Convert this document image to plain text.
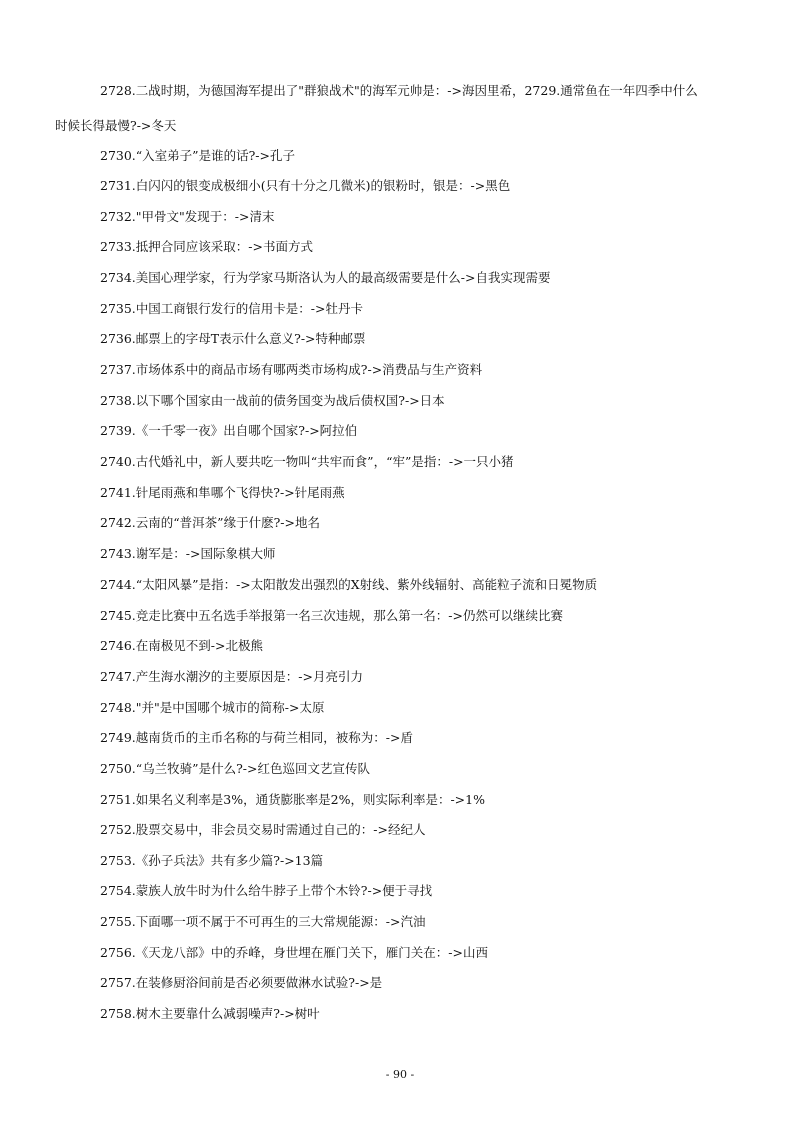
2728.二战时期，为德国海军提出了"群狼战术"的海军元帅是：->海因里希，2729.通常鱼在一年四季中什么
时候长得最慢?->冬天
2730.“入室弟子”是谁的话?->孔子
2731.白闪闪的银变成极细小(只有十分之几微米)的银粉时，银是：->黑色
2732."甲骨文"发现于：->清末
2733.抵押合同应该采取：->书面方式
2734.美国心理学家，行为学家马斯洛认为人的最高级需要是什么->自我实现需要
2735.中国工商银行发行的信用卡是：->牡丹卡
2736.邮票上的字母T表示什么意义?->特种邮票
2737.市场体系中的商品市场有哪两类市场构成?->消费品与生产资料
2738.以下哪个国家由一战前的债务国变为战后债权国?->日本
2739.《一千零一夜》出自哪个国家?->阿拉伯
2740.古代婚礼中，新人要共吃一物叫“共牢而食”，“牢”是指：->一只小猪
2741.针尾雨燕和隼哪个飞得快?->针尾雨燕
2742.云南的“普洱茶”缘于什麽?->地名
2743.谢军是：->国际象棋大师
2744.“太阳风暴”是指：->太阳散发出强烈的X射线、紫外线辐射、高能粒子流和日冕物质
2745.竞走比赛中五名选手举报第一名三次违规，那么第一名：->仍然可以继续比赛
2746.在南极见不到->北极熊
2747.产生海水潮汐的主要原因是：->月亮引力
2748."并"是中国哪个城市的简称->太原
2749.越南货币的主币名称的与荷兰相同，被称为：->盾
2750.“乌兰牧骑”是什么?->红色巡回文艺宣传队
2751.如果名义利率是3%，通货膨胀率是2%，则实际利率是：->1%
2752.股票交易中，非会员交易时需通过自己的：->经纪人
2753.《孙子兵法》共有多少篇?->13篇
2754.蒙族人放牛时为什么给牛脖子上带个木铃?->便于寻找
2755.下面哪一项不属于不可再生的三大常规能源：->汽油
2756.《天龙八部》中的乔峰，身世埋在雁门关下，雁门关在：->山西
2757.在装修厨浴间前是否必须要做淋水试验?->是
2758.树木主要靠什么减弱噪声?->树叶
- 90 -
